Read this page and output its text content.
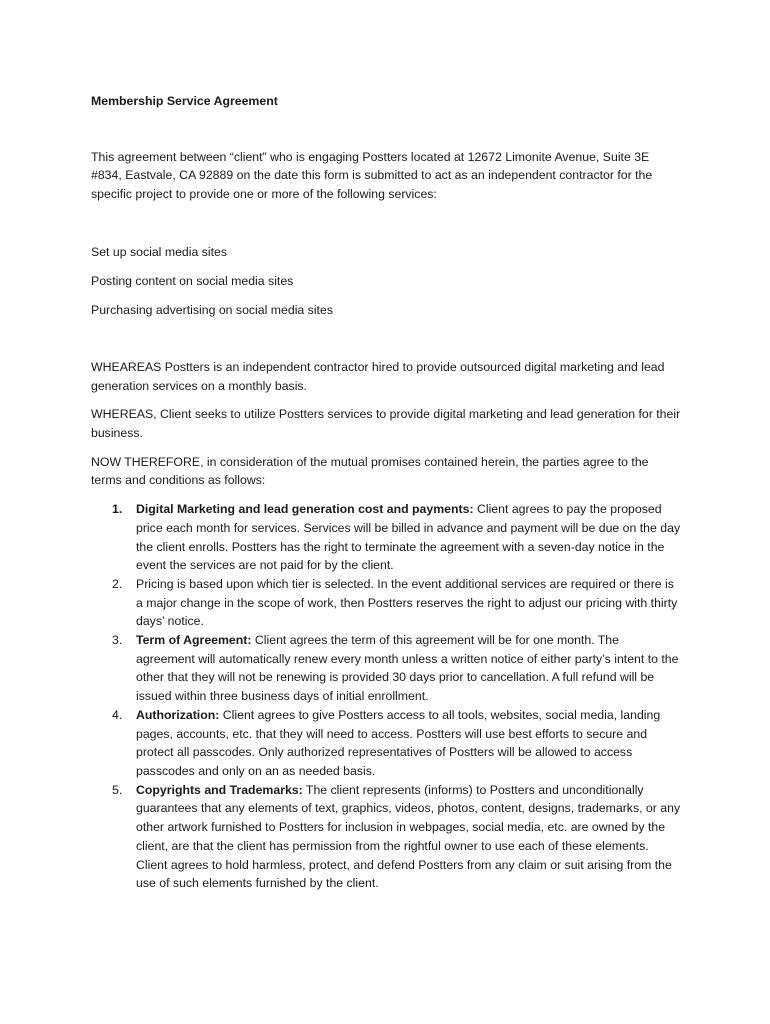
Membership Service Agreement

This agreement between “client” who is engaging Postters located at 12672 Limonite Avenue, Suite 3E #834, Eastvale, CA 92889 on the date this form is submitted to act as an independent contractor for the specific project to provide one or more of the following services:

Set up social media sites

Posting content on social media sites

Purchasing advertising on social media sites

WHEAREAS Postters is an independent contractor hired to provide outsourced digital marketing and lead generation services on a monthly basis.

WHEREAS, Client seeks to utilize Postters services to provide digital marketing and lead generation for their business.

NOW THEREFORE, in consideration of the mutual promises contained herein, the parties agree to the terms and conditions as follows:

1. Digital Marketing and lead generation cost and payments: Client agrees to pay the proposed price each month for services. Services will be billed in advance and payment will be due on the day the client enrolls. Postters has the right to terminate the agreement with a seven-day notice in the event the services are not paid for by the client.
2. Pricing is based upon which tier is selected. In the event additional services are required or there is a major change in the scope of work, then Postters reserves the right to adjust our pricing with thirty days’ notice.
3. Term of Agreement: Client agrees the term of this agreement will be for one month. The agreement will automatically renew every month unless a written notice of either party’s intent to the other that they will not be renewing is provided 30 days prior to cancellation. A full refund will be issued within three business days of initial enrollment.
4. Authorization: Client agrees to give Postters access to all tools, websites, social media, landing pages, accounts, etc. that they will need to access. Postters will use best efforts to secure and protect all passcodes. Only authorized representatives of Postters will be allowed to access passcodes and only on an as needed basis.
5. Copyrights and Trademarks: The client represents (informs) to Postters and unconditionally guarantees that any elements of text, graphics, videos, photos, content, designs, trademarks, or any other artwork furnished to Postters for inclusion in webpages, social media, etc. are owned by the client, are that the client has permission from the rightful owner to use each of these elements. Client agrees to hold harmless, protect, and defend Postters from any claim or suit arising from the use of such elements furnished by the client.
